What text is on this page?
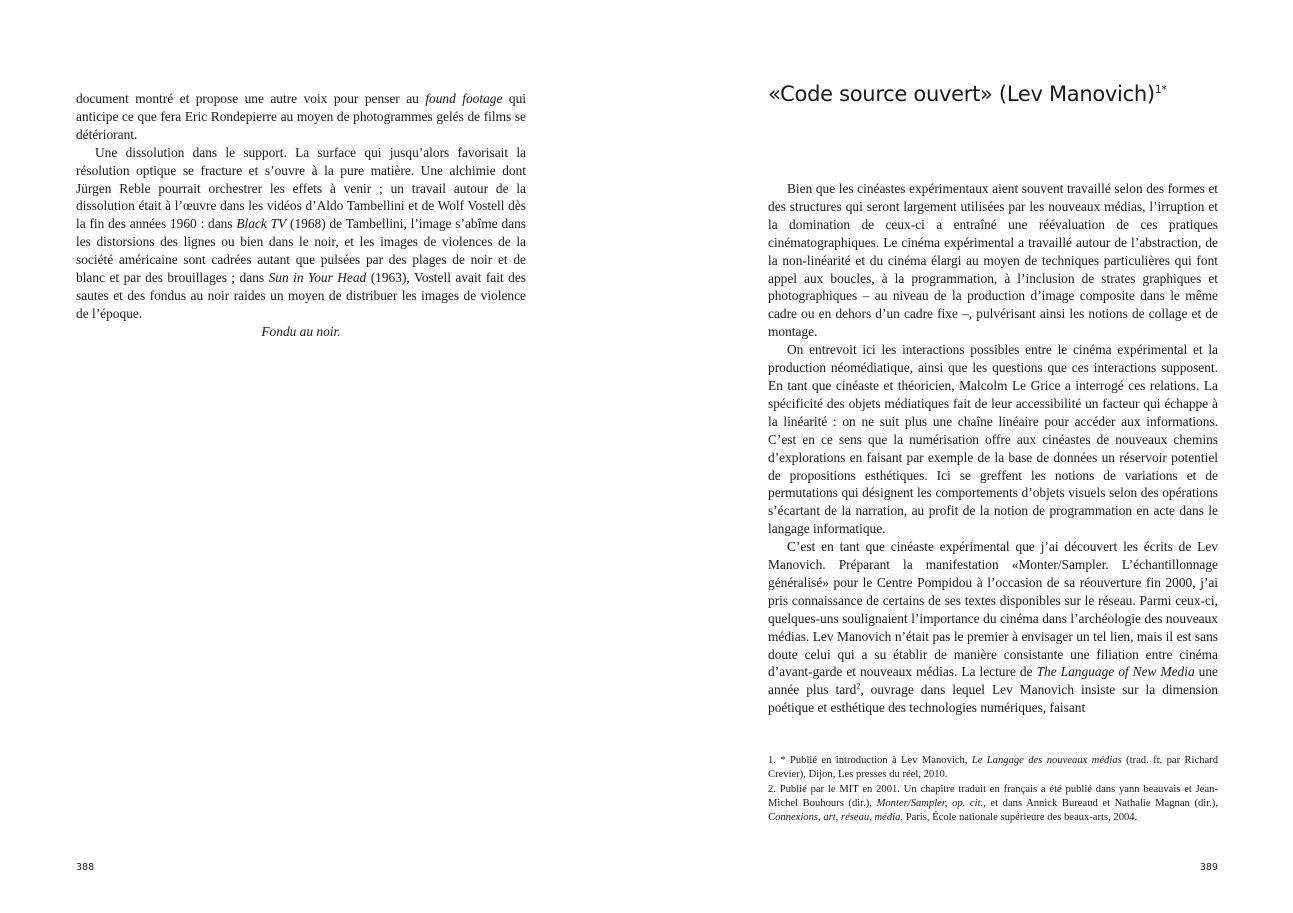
document montré et propose une autre voix pour penser au found footage qui anticipe ce que fera Eric Rondepierre au moyen de photogrammes gelés de films se détériorant.

Une dissolution dans le support. La surface qui jusqu’alors favorisait la résolution optique se fracture et s’ouvre à la pure matière. Une alchimie dont Jürgen Reble pourrait orchestrer les effets à venir ; un travail autour de la dissolution était à l’œuvre dans les vidéos d’Aldo Tambellini et de Wolf Vostell dès la fin des années 1960 : dans Black TV (1968) de Tambellini, l’image s’abîme dans les distorsions des lignes ou bien dans le noir, et les images de violences de la société américaine sont cadrées autant que pulsées par des plages de noir et de blanc et par des brouillages ; dans Sun in Your Head (1963), Vostell avait fait des sautes et des fondus au noir raides un moyen de distribuer les images de violence de l’époque.

Fondu au noir.

388
«Code source ouvert» (Lev Manovich)$^{1*}$

Bien que les cinéastes expérimentaux aient souvent travaillé selon des formes et des structures qui seront largement utilisées par les nouveaux médias, l’irruption et la domination de ceux-ci a entraîné une réévaluation de ces pratiques cinématographiques. Le cinéma expérimental a travaillé autour de l’abstraction, de la non-linéarité et du cinéma élargi au moyen de techniques particulières qui font appel aux boucles, à la programmation, à l’inclusion de strates graphiques et photographiques – au niveau de la production d’image composite dans le même cadre ou en dehors d’un cadre fixe –, pulvérisant ainsi les notions de collage et de montage.

On entrevoit ici les interactions possibles entre le cinéma expérimental et la production néomédiatique, ainsi que les questions que ces interactions supposent. En tant que cinéaste et théoricien, Malcolm Le Grice a interrogé ces relations. La spécificité des objets médiatiques fait de leur accessibilité un facteur qui échappe à la linéarité : on ne suit plus une chaîne linéaire pour accéder aux informations. C’est en ce sens que la numérisation offre aux cinéastes de nouveaux chemins d’explorations en faisant par exemple de la base de données un réservoir potentiel de propositions esthétiques. Ici se greffent les notions de variations et de permutations qui désignent les comportements d’objets visuels selon des opérations s’écartant de la narration, au profit de la notion de programmation en acte dans le langage informatique.

C’est en tant que cinéaste expérimental que j’ai découvert les écrits de Lev Manovich. Préparant la manifestation «Monter/Sampler. L’échantillonnage généralisé» pour le Centre Pompidou à l’occasion de sa réouverture fin 2000, j’ai pris connaissance de certains de ses textes disponibles sur le réseau. Parmi ceux-ci, quelques-uns soulignaient l’importance du cinéma dans l’archéologie des nouveaux médias. Lev Manovich n’était pas le premier à envisager un tel lien, mais il est sans doute celui qui a su établir de manière consistante une filiation entre cinéma d’avant-garde et nouveaux médias. La lecture de The Language of New Media une année plus tard$^2$, ouvrage dans lequel Lev Manovich insiste sur la dimension poétique et esthétique des technologies numériques, faisant

1. * Publié en introduction à Lev Manovich, Le Langage des nouveaux médias (trad. fr. par Richard Crevier), Dijon, Les presses du réel, 2010.

2. Publié par le MIT en 2001. Un chapitre traduit en français a été publié dans yann beauvais et Jean-Michel Bouhours (dir.), Monter/Sampler, op. cit., et dans Annick Bureaud et Nathalie Magnan (dir.), Connexions, art, réseau, média, Paris, École nationale supérieure des beaux-arts, 2004.

389
